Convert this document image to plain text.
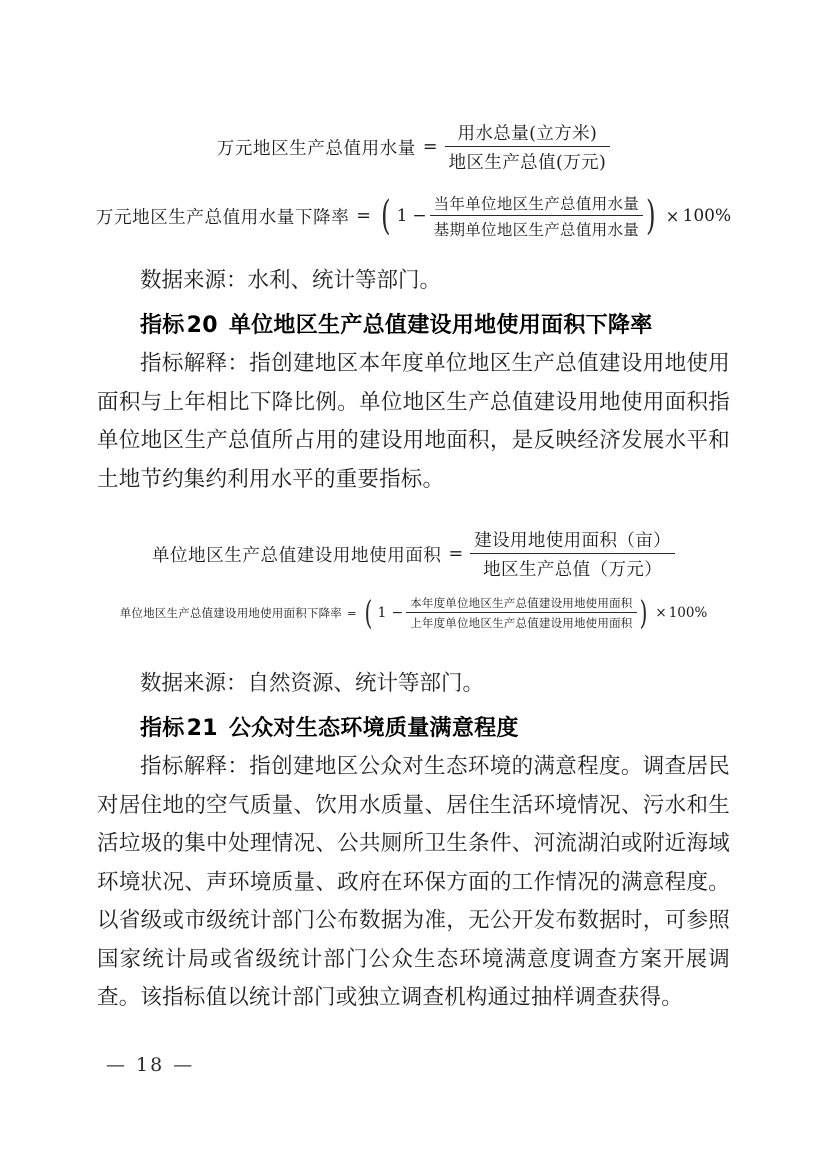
万元地区生产总值用水量 = $\frac{\text{用水总量(立方米)}}{\text{地区生产总值(万元)}}$
万元地区生产总值用水量下降率 = ( $1 - \frac{\text{当年单位地区生产总值用水量}}{\text{基期单位地区生产总值用水量}}$ ) × 100%

数据来源：水利、统计等部门。

指标20 单位地区生产总值建设用地使用面积下降率

指标解释：指创建地区本年度单位地区生产总值建设用地使用面积与上年相比下降比例。单位地区生产总值建设用地使用面积指单位地区生产总值所占用的建设用地面积，是反映经济发展水平和土地节约集约利用水平的重要指标。

单位地区生产总值建设用地使用面积 = $\frac{\text{建设用地使用面积（亩）}}{\text{地区生产总值（万元）}}$
单位地区生产总值建设用地使用面积下降率 = ( $1 - \frac{\text{本年度单位地区生产总值建设用地使用面积}}{\text{上年度单位地区生产总值建设用地使用面积}}$ ) × 100%

数据来源：自然资源、统计等部门。

指标21 公众对生态环境质量满意程度

指标解释：指创建地区公众对生态环境的满意程度。调查居民对居住地的空气质量、饮用水质量、居住生活环境情况、污水和生活垃圾的集中处理情况、公共厕所卫生条件、河流湖泊或附近海域环境状况、声环境质量、政府在环保方面的工作情况的满意程度。以省级或市级统计部门公布数据为准，无公开发布数据时，可参照国家统计局或省级统计部门公众生态环境满意度调查方案开展调查。该指标值以统计部门或独立调查机构通过抽样调查获得。

— 18 —
